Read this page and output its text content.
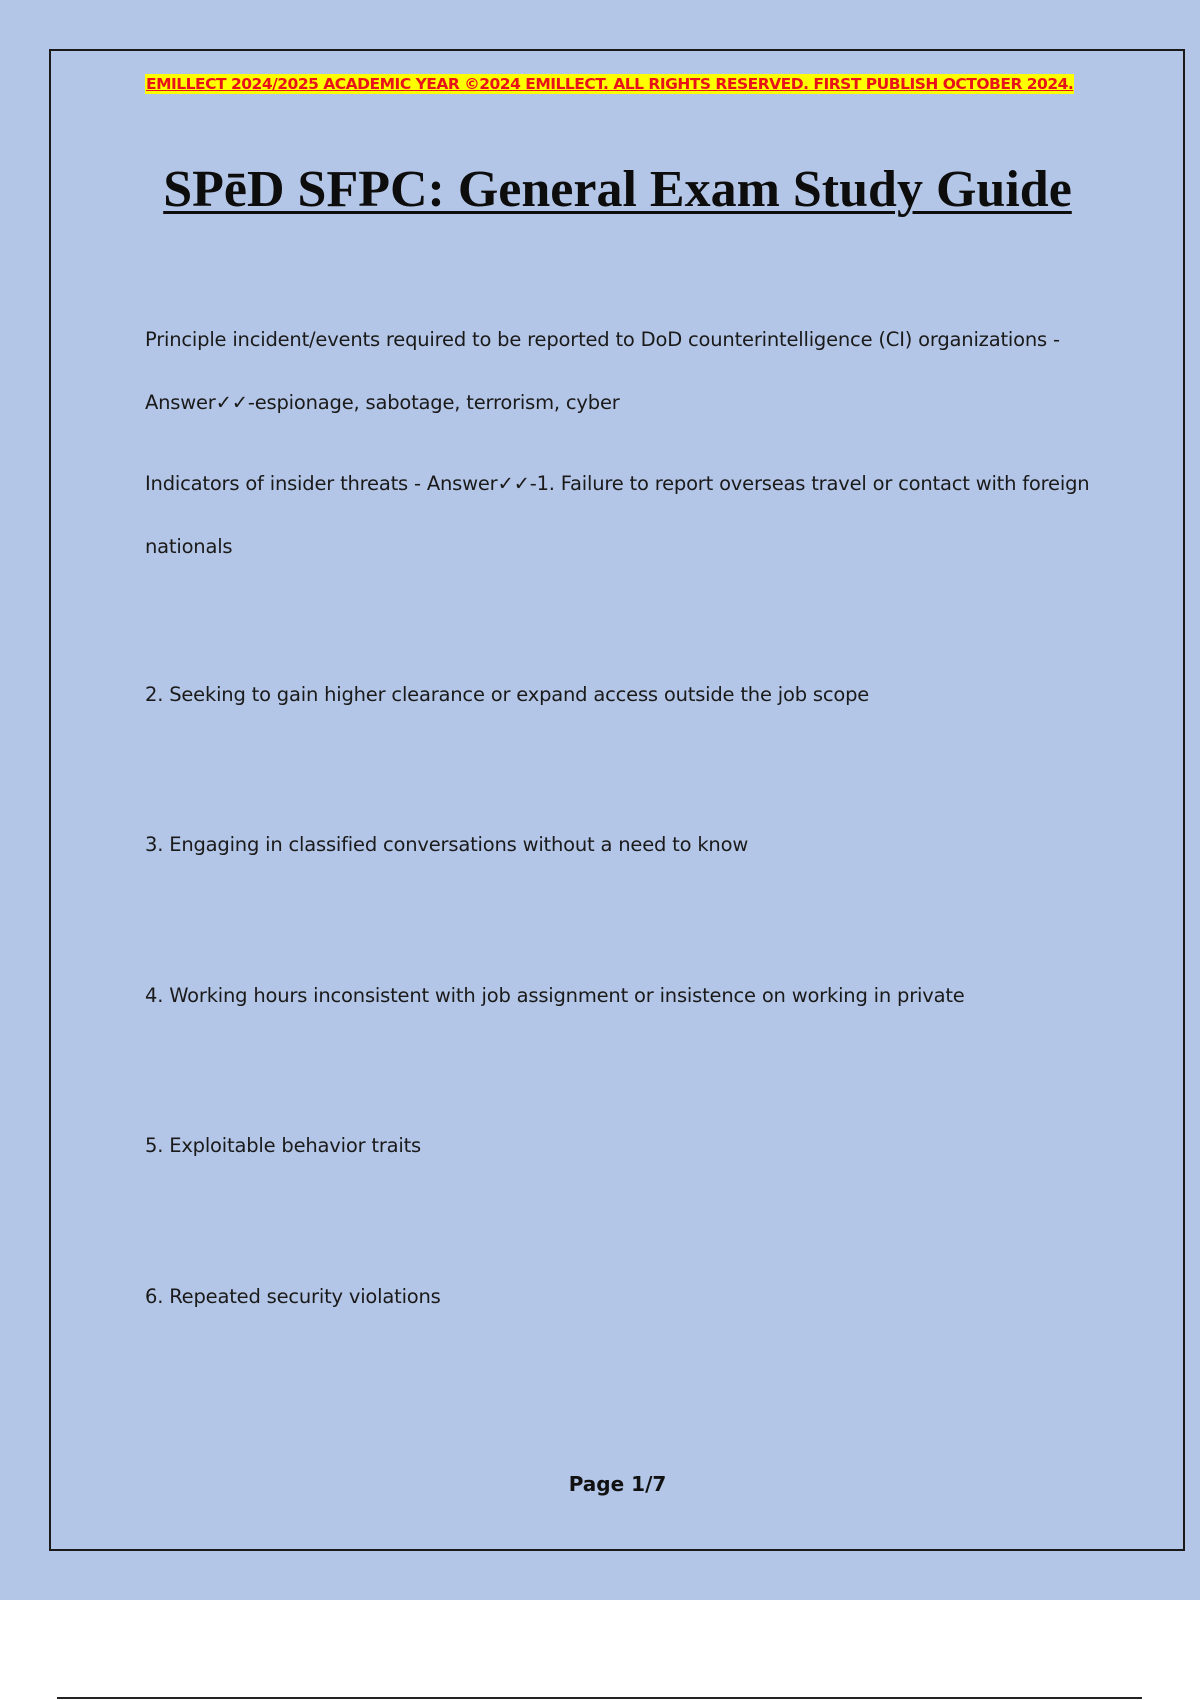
EMILLECT 2024/2025 ACADEMIC YEAR ©2024 EMILLECT. ALL RIGHTS RESERVED. FIRST PUBLISH OCTOBER 2024.

SPēD SFPC: General Exam Study Guide

Principle incident/events required to be reported to DoD counterintelligence (CI) organizations - Answer✓✓-espionage, sabotage, terrorism, cyber

Indicators of insider threats - Answer✓✓-1. Failure to report overseas travel or contact with foreign nationals

2. Seeking to gain higher clearance or expand access outside the job scope

3. Engaging in classified conversations without a need to know

4. Working hours inconsistent with job assignment or insistence on working in private

5. Exploitable behavior traits

6. Repeated security violations

Page 1/7
